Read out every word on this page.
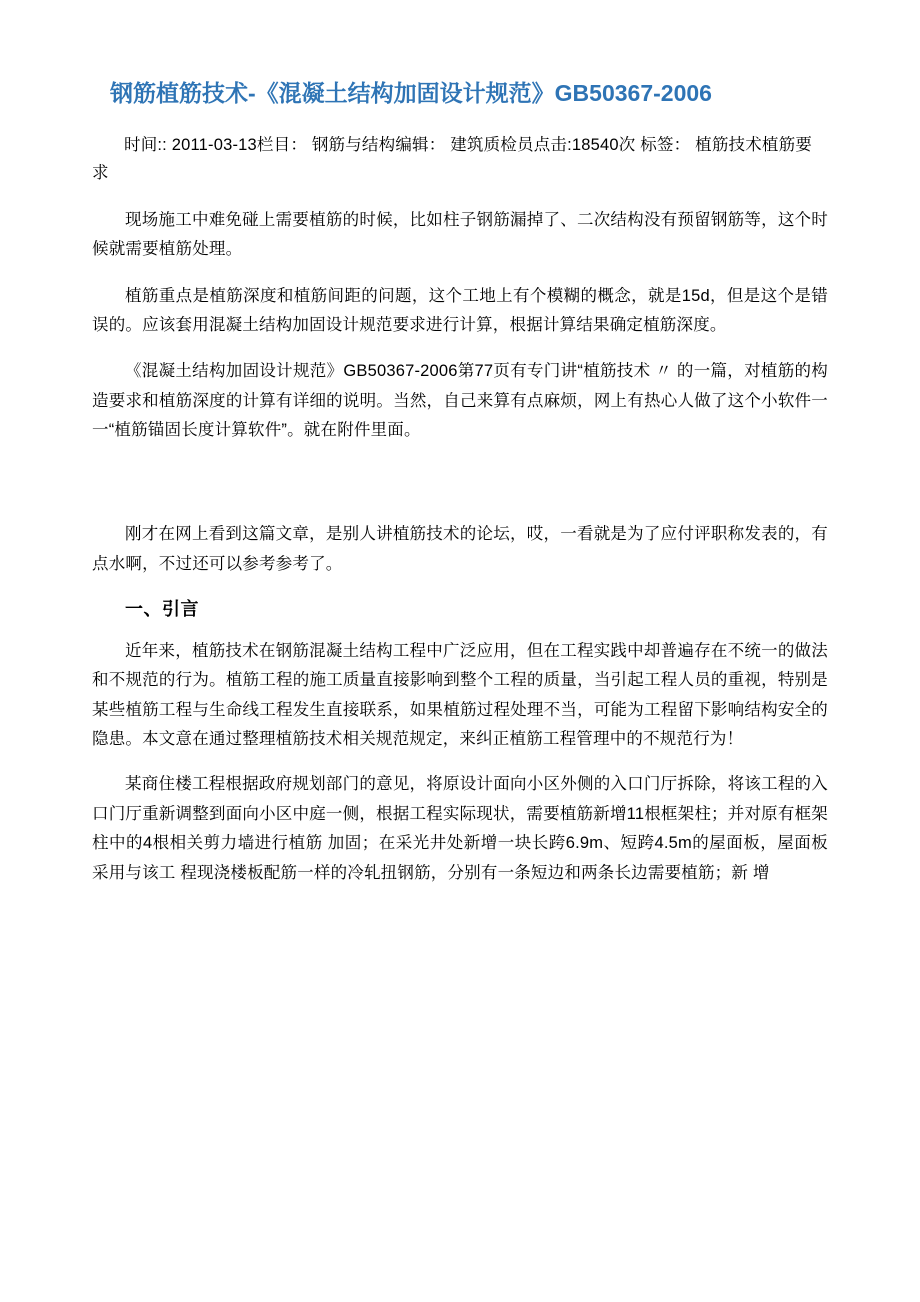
钢筋植筋技术-《混凝土结构加固设计规范》GB50367-2006

时间:: 2011-03-13栏目： 钢筋与结构编辑： 建筑质检员点击:18540次 标签： 植筋技术植筋要求

现场施工中难免碰上需要植筋的时候，比如柱子钢筋漏掉了、二次结构没有预留钢筋等，这个时候就需要植筋处理。

植筋重点是植筋深度和植筋间距的问题，这个工地上有个模糊的概念，就是15d，但是这个是错误的。应该套用混凝土结构加固设计规范要求进行计算，根据计算结果确定植筋深度。

《混凝土结构加固设计规范》GB50367-2006第77页有专门讲“植筋技术 〃 的一篇，对植筋的构造要求和植筋深度的计算有详细的说明。当然，自己来算有点麻烦，网上有热心人做了这个小软件一一“植筋锚固长度计算软件”。就在附件里面。

刚才在网上看到这篇文章，是别人讲植筋技术的论坛，哎，一看就是为了应付评职称发表的，有点水啊，不过还可以参考参考了。

一、引言

近年来，植筋技术在钢筋混凝土结构工程中广泛应用，但在工程实践中却普遍存在不统一的做法和不规范的行为。植筋工程的施工质量直接影响到整个工程的质量，当引起工程人员的重视，特别是某些植筋工程与生命线工程发生直接联系，如果植筋过程处理不当，可能为工程留下影响结构安全的隐患。本文意在通过整理植筋技术相关规范规定，来纠正植筋工程管理中的不规范行为！

某商住楼工程根据政府规划部门的意见，将原设计面向小区外侧的入口门厅拆除，将该工程的入口门厅重新调整到面向小区中庭一侧，根据工程实际现状，需要植筋新增11根框架柱；并对原有框架柱中的4根相关剪力墙进行植筋 加固；在采光井处新增一块长跨6.9m、短跨4.5m的屋面板，屋面板采用与该工 程现浇楼板配筋一样的冷轧扭钢筋，分别有一条短边和两条长边需要植筋；新 增
